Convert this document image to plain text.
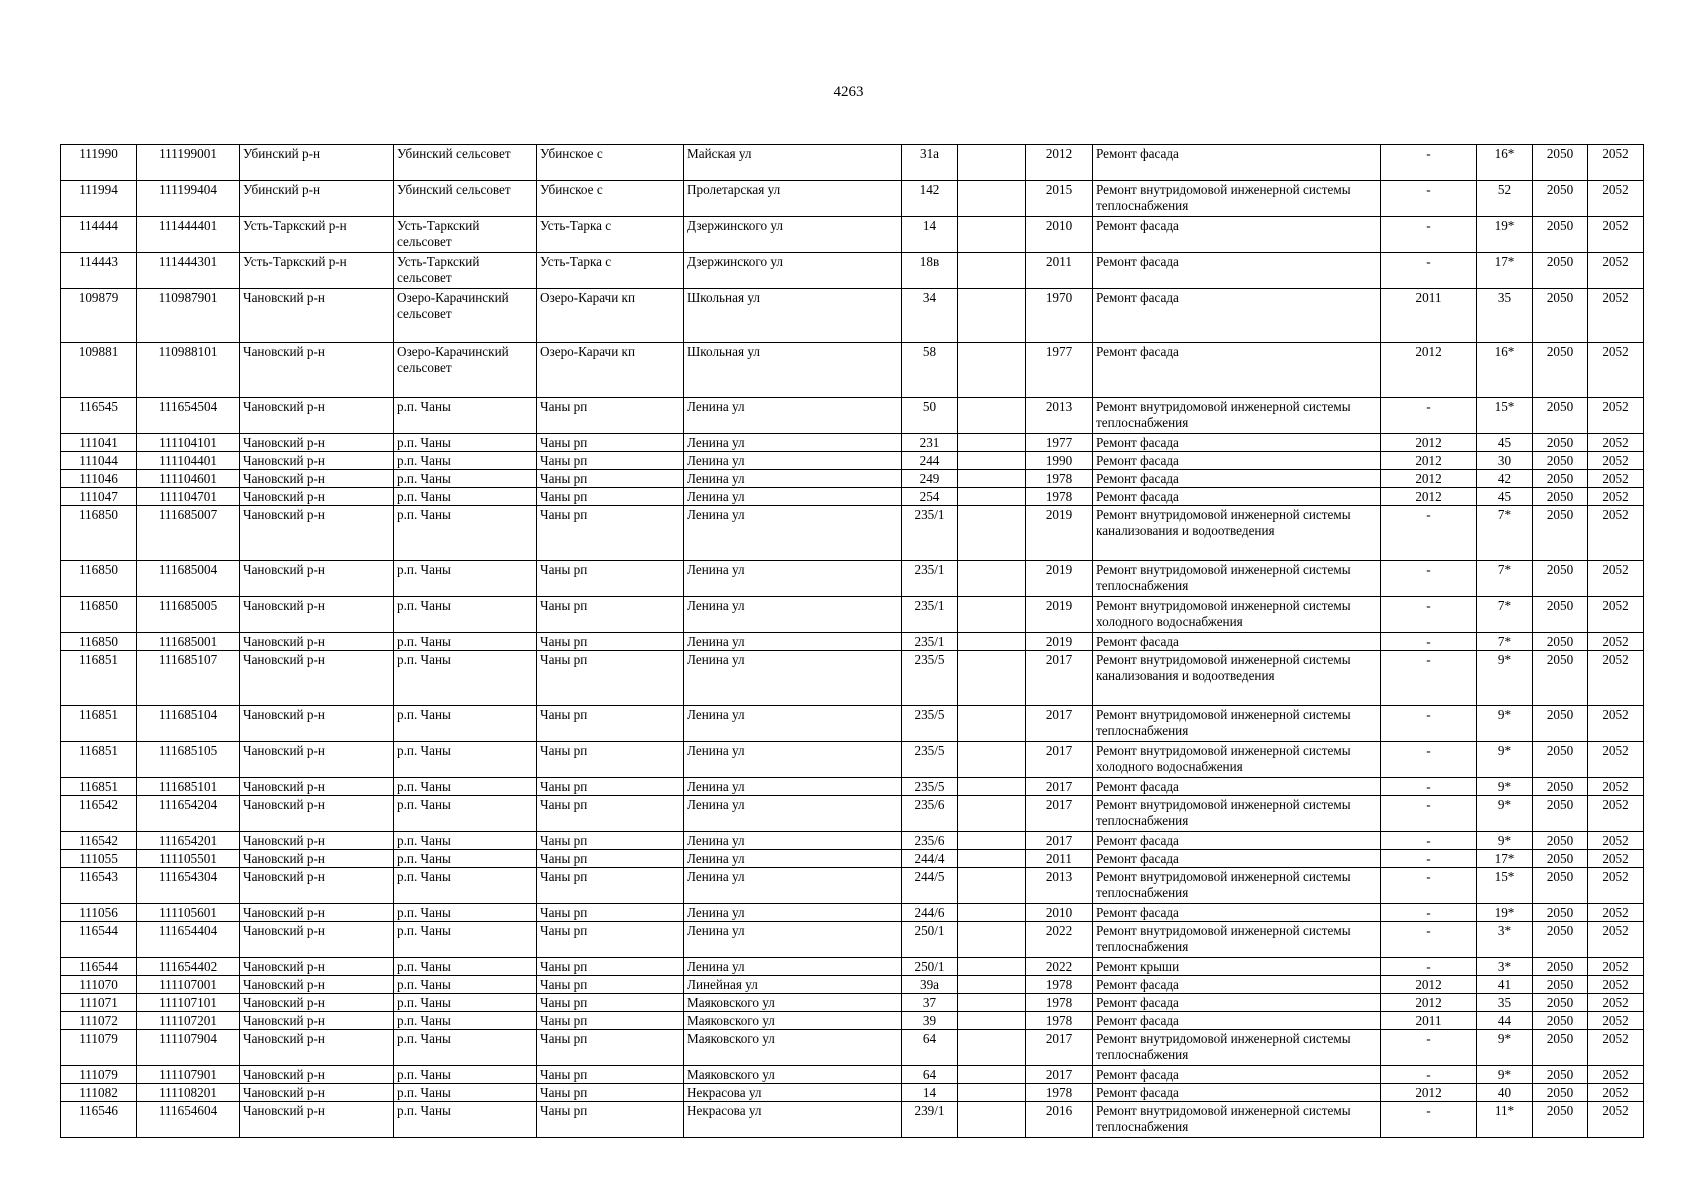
4263
111990	111199001	Убинский р-н	Убинский сельсовет	Убинское с	Майская ул	31а		2012	Ремонт фасада	-	16*	2050	2052
111994	111199404	Убинский р-н	Убинский сельсовет	Убинское с	Пролетарская ул	142		2015	Ремонт внутридомовой инженерной системы теплоснабжения	-	52	2050	2052
114444	111444401	Усть-Таркский р-н	Усть-Таркский сельсовет	Усть-Тарка с	Дзержинского ул	14		2010	Ремонт фасада	-	19*	2050	2052
114443	111444301	Усть-Таркский р-н	Усть-Таркский сельсовет	Усть-Тарка с	Дзержинского ул	18в		2011	Ремонт фасада	-	17*	2050	2052
109879	110987901	Чановский р-н	Озеро-Карачинский сельсовет	Озеро-Карачи кп	Школьная ул	34		1970	Ремонт фасада	2011	35	2050	2052
109881	110988101	Чановский р-н	Озеро-Карачинский сельсовет	Озеро-Карачи кп	Школьная ул	58		1977	Ремонт фасада	2012	16*	2050	2052
116545	111654504	Чановский р-н	р.п. Чаны	Чаны рп	Ленина ул	50		2013	Ремонт внутридомовой инженерной системы теплоснабжения	-	15*	2050	2052
111041	111104101	Чановский р-н	р.п. Чаны	Чаны рп	Ленина ул	231		1977	Ремонт фасада	2012	45	2050	2052
111044	111104401	Чановский р-н	р.п. Чаны	Чаны рп	Ленина ул	244		1990	Ремонт фасада	2012	30	2050	2052
111046	111104601	Чановский р-н	р.п. Чаны	Чаны рп	Ленина ул	249		1978	Ремонт фасада	2012	42	2050	2052
111047	111104701	Чановский р-н	р.п. Чаны	Чаны рп	Ленина ул	254		1978	Ремонт фасада	2012	45	2050	2052
116850	111685007	Чановский р-н	р.п. Чаны	Чаны рп	Ленина ул	235/1		2019	Ремонт внутридомовой инженерной системы канализования и водоотведения	-	7*	2050	2052
116850	111685004	Чановский р-н	р.п. Чаны	Чаны рп	Ленина ул	235/1		2019	Ремонт внутридомовой инженерной системы теплоснабжения	-	7*	2050	2052
116850	111685005	Чановский р-н	р.п. Чаны	Чаны рп	Ленина ул	235/1		2019	Ремонт внутридомовой инженерной системы холодного водоснабжения	-	7*	2050	2052
116850	111685001	Чановский р-н	р.п. Чаны	Чаны рп	Ленина ул	235/1		2019	Ремонт фасада	-	7*	2050	2052
116851	111685107	Чановский р-н	р.п. Чаны	Чаны рп	Ленина ул	235/5		2017	Ремонт внутридомовой инженерной системы канализования и водоотведения	-	9*	2050	2052
116851	111685104	Чановский р-н	р.п. Чаны	Чаны рп	Ленина ул	235/5		2017	Ремонт внутридомовой инженерной системы теплоснабжения	-	9*	2050	2052
116851	111685105	Чановский р-н	р.п. Чаны	Чаны рп	Ленина ул	235/5		2017	Ремонт внутридомовой инженерной системы холодного водоснабжения	-	9*	2050	2052
116851	111685101	Чановский р-н	р.п. Чаны	Чаны рп	Ленина ул	235/5		2017	Ремонт фасада	-	9*	2050	2052
116542	111654204	Чановский р-н	р.п. Чаны	Чаны рп	Ленина ул	235/6		2017	Ремонт внутридомовой инженерной системы теплоснабжения	-	9*	2050	2052
116542	111654201	Чановский р-н	р.п. Чаны	Чаны рп	Ленина ул	235/6		2017	Ремонт фасада	-	9*	2050	2052
111055	111105501	Чановский р-н	р.п. Чаны	Чаны рп	Ленина ул	244/4		2011	Ремонт фасада	-	17*	2050	2052
116543	111654304	Чановский р-н	р.п. Чаны	Чаны рп	Ленина ул	244/5		2013	Ремонт внутридомовой инженерной системы теплоснабжения	-	15*	2050	2052
111056	111105601	Чановский р-н	р.п. Чаны	Чаны рп	Ленина ул	244/6		2010	Ремонт фасада	-	19*	2050	2052
116544	111654404	Чановский р-н	р.п. Чаны	Чаны рп	Ленина ул	250/1		2022	Ремонт внутридомовой инженерной системы теплоснабжения	-	3*	2050	2052
116544	111654402	Чановский р-н	р.п. Чаны	Чаны рп	Ленина ул	250/1		2022	Ремонт крыши	-	3*	2050	2052
111070	111107001	Чановский р-н	р.п. Чаны	Чаны рп	Линейная ул	39а		1978	Ремонт фасада	2012	41	2050	2052
111071	111107101	Чановский р-н	р.п. Чаны	Чаны рп	Маяковского ул	37		1978	Ремонт фасада	2012	35	2050	2052
111072	111107201	Чановский р-н	р.п. Чаны	Чаны рп	Маяковского ул	39		1978	Ремонт фасада	2011	44	2050	2052
111079	111107904	Чановский р-н	р.п. Чаны	Чаны рп	Маяковского ул	64		2017	Ремонт внутридомовой инженерной системы теплоснабжения	-	9*	2050	2052
111079	111107901	Чановский р-н	р.п. Чаны	Чаны рп	Маяковского ул	64		2017	Ремонт фасада	-	9*	2050	2052
111082	111108201	Чановский р-н	р.п. Чаны	Чаны рп	Некрасова ул	14		1978	Ремонт фасада	2012	40	2050	2052
116546	111654604	Чановский р-н	р.п. Чаны	Чаны рп	Некрасова ул	239/1		2016	Ремонт внутридомовой инженерной системы теплоснабжения	-	11*	2050	2052
